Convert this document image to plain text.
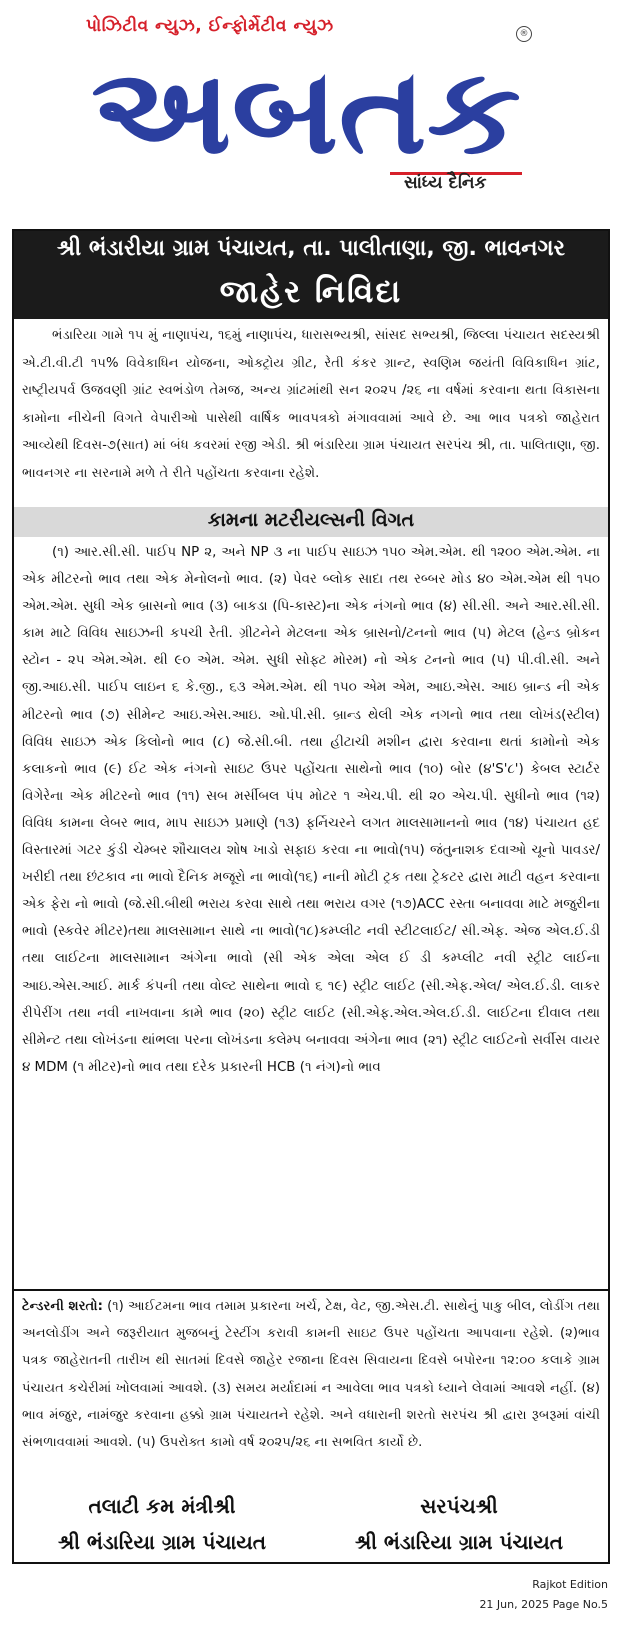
પોઝિટીવ ન્યુઝ, ઈન્ફોર્મેટીવ ન્યુઝ	®
અબતક
સાંધ્ય દૈનિક
શ્રી ભંડારીયા ગ્રામ પંચાયત, તા. પાલીતાણા, જી. ભાવનગર
જાહેર નિવિદા
ભંડારિયા ગામે ૧૫ મું નાણાપંચ, ૧૬મું નાણાપંચ, ધારાસભ્યશ્રી, સાંસદ સભ્યશ્રી, જિલ્લા પંચાયત સદસ્યશ્રી એ.ટી.વી.ટી ૧૫% વિવેકાધિન યોજના, ઓક્ટ્રોય ગ્રીટ, રેતી કંકર ગ્રાન્ટ, સ્વણિમ જયંતી વિવિકાધિન ગ્રાંટ, રાષ્ટ્રીયપર્વ ઉજવણી ગ્રાંટ સ્વભંડોળ તેમજ, અન્ય ગ્રાંટમાંથી સન ૨૦૨૫ /૨૬ ના વર્ષમાં કરવાના થતા વિકાસના કામોના નીચેની વિગતે વેપારીઓ પાસેથી વાર્ષિક ભાવપત્રકો મંગાવવામાં આવે છે. આ ભાવ પત્રકો જાહેરાત આવ્યેથી દિવસ-૭(સાત) માં બંધ કવરમાં રજી એડી. શ્રી ભંડારિયા ગ્રામ પંચાયત સરપંચ શ્રી, તા. પાલિતાણા, જી. ભાવનગર ના સરનામે મળે તે રીતે પહોંચતા કરવાના રહેશે.
કામના મટરીયલ્સની વિગત
(૧) આર.સી.સી. પાઈપ NP ૨, અને NP ૩ ના પાઈપ સાઇઝ ૧૫૦ એમ.એમ. થી ૧૨૦૦ એમ.એમ. ના એક મીટરનો ભાવ તથા એક મેનોલનો ભાવ. (૨) પેવર બ્લોક સાદા તથ રબ્બર મોડ ૪૦ એમ.એમ થી ૧૫૦ એમ.એમ. સુધી એક બ્રાસનો ભાવ (૩) બાકડા (પિ-કાસ્ટ)ના એક નંગનો ભાવ (૪) સી.સી. અને આર.સી.સી. કામ માટે વિવિધ સાઇઝની કપચી રેતી. ગ્રીટનેને મેટલના એક બ્રાસનો/ટનનો ભાવ (૫) મેટલ (હેન્ડ બ્રોકન સ્ટોન - ૨૫ એમ.એમ. થી ૯૦ એમ. એમ. સુધી સોફ્ટ મોરમ) નો એક ટનનો ભાવ (૫) પી.વી.સી. અને જી.આઇ.સી. પાઈપ લાઇન ૬ કે.જી., ૬૩ એમ.એમ. થી ૧૫૦ એમ એમ, આઇ.એસ. આઇ બ્રાન્ડ ની એક મીટરનો ભાવ (૭) સીમેન્ટ આઇ.એસ.આઇ. ઓ.પી.સી. બ્રાન્ડ થેલી એક નગનો ભાવ તથા લોખંડ(સ્ટીલ) વિવિધ સાઇઝ એક કિલોનો ભાવ (૮) જે.સી.બી. તથા હીટાચી મશીન દ્વારા કરવાના થતાં કામોનો એક કલાકનો ભાવ (૯) ઈટ એક નંગનો સાઇટ ઉપર પહોંચતા સાથેનો ભાવ (૧૦) બોર (૪'S'૮') કેબલ સ્ટાર્ટર વિગેરેના એક મીટરનો ભાવ (૧૧) સબ મર્સીબલ પંપ મોટર ૧ એચ.પી. થી ૨૦ એચ.પી. સુધીનો ભાવ (૧૨) વિવિધ કામના લેબર ભાવ, માપ સાઇઝ પ્રમાણે (૧૩) ફર્નિચરને લગત માલસામાનનો ભાવ (૧૪) પંચાયત હદ વિસ્તારમાં ગટર કુંડી ચેમ્બર શૌચાલય શોષ ખાડો સફાઇ કરવા ના ભાવો(૧૫) જંતુનાશક દવાઓ ચૂનો પાવડર/ખરીદી તથા છંટકાવ ના ભાવો દૈનિક મજૂરો ના ભાવો(૧૬) નાની મોટી ટ્રક તથા ટ્રેકટર દ્વારા માટી વહન કરવાના એક ફેરા નો ભાવો (જે.સી.બીથી ભરાય કરવા સાથે તથા ભરાય વગર (૧૭)ACC રસ્તા બનાવવા માટે મજુરીના ભાવો (સ્કવેર મીટર)તથા માલસામાન સાથે ના ભાવો(૧૮)કમ્પ્લીટ નવી સ્ટીટલાઈટ/ સી.એફ. એજ એલ.ઈ.ડી તથા લાઈટના માલસામાન અંગેના ભાવો (સી એક એલા એલ ઈ ડી કમ્પ્લીટ નવી સ્ટ્રીટ લાઈના આઇ.એસ.આઈ. માર્ક કંપની તથા વોલ્ટ સાથેના ભાવો ૬ ૧૯) સ્ટ્રીટ લાઈટ (સી.એફ.એલ/ એલ.ઈ.ડી. લાકર રીપેરીંગ તથા નવી નાખવાના કામે ભાવ (૨૦) સ્ટ્રીટ લાઈટ (સી.એફ.એલ.એલ.ઈ.ડી. લાઈટના દીવાલ તથા સીમેન્ટ તથા લોખંડના થાંભલા પરના લોખંડના કલેમ્પ બનાવવા અંગેના ભાવ (૨૧) સ્ટ્રીટ લાઈટનો સર્વીસ વાયર ૪ MDM (૧ મીટર)નો ભાવ તથા દરેક પ્રકારની HCB (૧ નંગ)નો ભાવ
ટેન્ડરની શરતો: (૧) આઈટમના ભાવ તમામ પ્રકારના ખર્ચ, ટેક્ષ, વેટ, જી.એસ.ટી. સાથેનું પાકુ બીલ, લોડીંગ તથા અનલોડીંગ અને જરૂરીયાત મુજબનું ટેસ્ટીંગ કરાવી કામની સાઇટ ઉપર પહોંચતા આપવાના રહેશે. (૨)ભાવ પત્રક જાહેરાતની તારીખ થી સાતમાં દિવસે જાહેર રજાના દિવસ સિવાયના દિવસે બપોરના ૧૨:૦૦ કલાકે ગ્રામ પંચાયત કચેરીમાં ખોલવામાં આવશે. (૩) સમય મર્યાદામાં ન આવેલા ભાવ પત્રકો ધ્યાને લેવામાં આવશે નહીં. (૪) ભાવ મંજુર, નામંજુર કરવાના હક્કો ગ્રામ પંચાયતને રહેશે. અને વધારાની શરતો સરપંચ શ્રી દ્વારા રૂબરૂમાં વાંચી સંભળાવવામાં આવશે. (૫) ઉપરોક્ત કામો વર્ષ ૨૦૨૫/૨૬ ના સભવિત કાર્યો છે.
તલાટી કમ મંત્રીશ્રી
શ્રી ભંડારિયા ગ્રામ પંચાયત
સરપંચશ્રી
શ્રી ભંડારિયા ગ્રામ પંચાયત
Rajkot Edition
21 Jun, 2025 Page No.5
